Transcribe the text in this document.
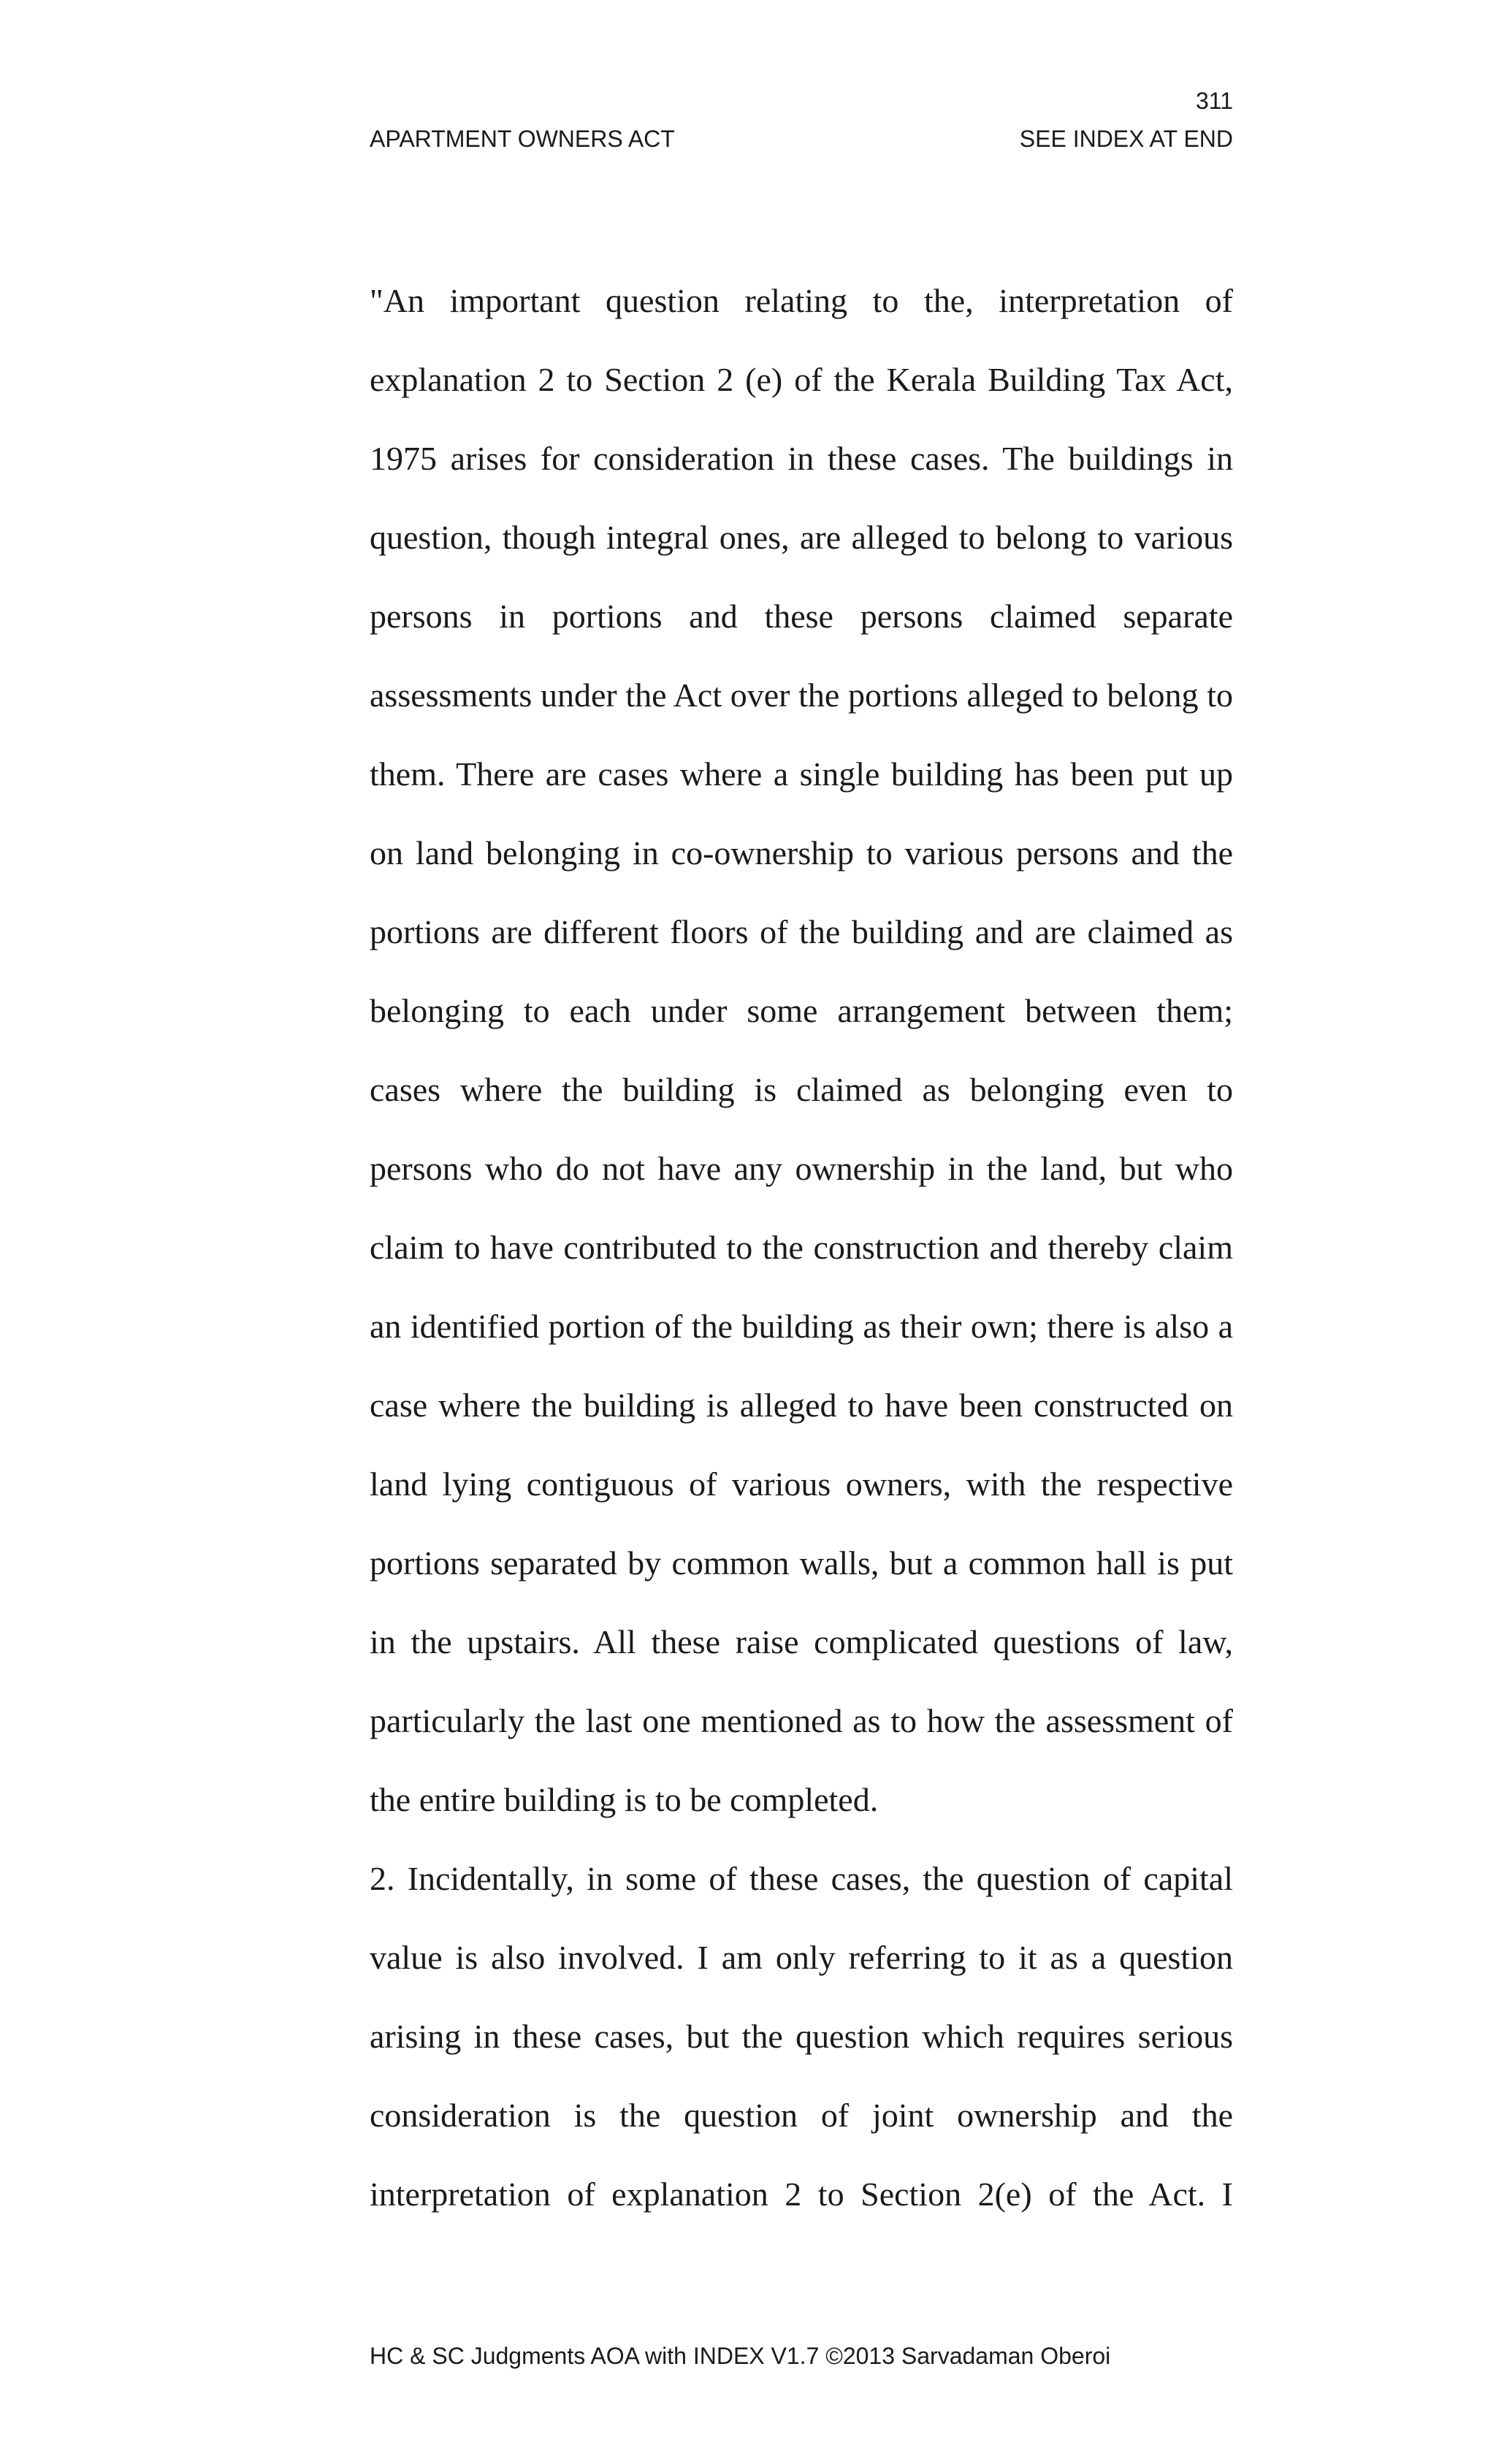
311
APARTMENT OWNERS ACT	SEE INDEX AT END

"An important question relating to the, interpretation of explanation 2 to Section 2 (e) of the Kerala Building Tax Act, 1975 arises for consideration in these cases. The buildings in question, though integral ones, are alleged to belong to various persons in portions and these persons claimed separate assessments under the Act over the portions alleged to belong to them. There are cases where a single building has been put up on land belonging in co-ownership to various persons and the portions are different floors of the building and are claimed as belonging to each under some arrangement between them; cases where the building is claimed as belonging even to persons who do not have any ownership in the land, but who claim to have contributed to the construction and thereby claim an identified portion of the building as their own; there is also a case where the building is alleged to have been constructed on land lying contiguous of various owners, with the respective portions separated by common walls, but a common hall is put in the upstairs. All these raise complicated questions of law, particularly the last one mentioned as to how the assessment of the entire building is to be completed.

2. Incidentally, in some of these cases, the question of capital value is also involved. I am only referring to it as a question arising in these cases, but the question which requires serious consideration is the question of joint ownership and the interpretation of explanation 2 to Section 2(e) of the Act. I

HC & SC Judgments AOA with INDEX V1.7 ©2013 Sarvadaman Oberoi
